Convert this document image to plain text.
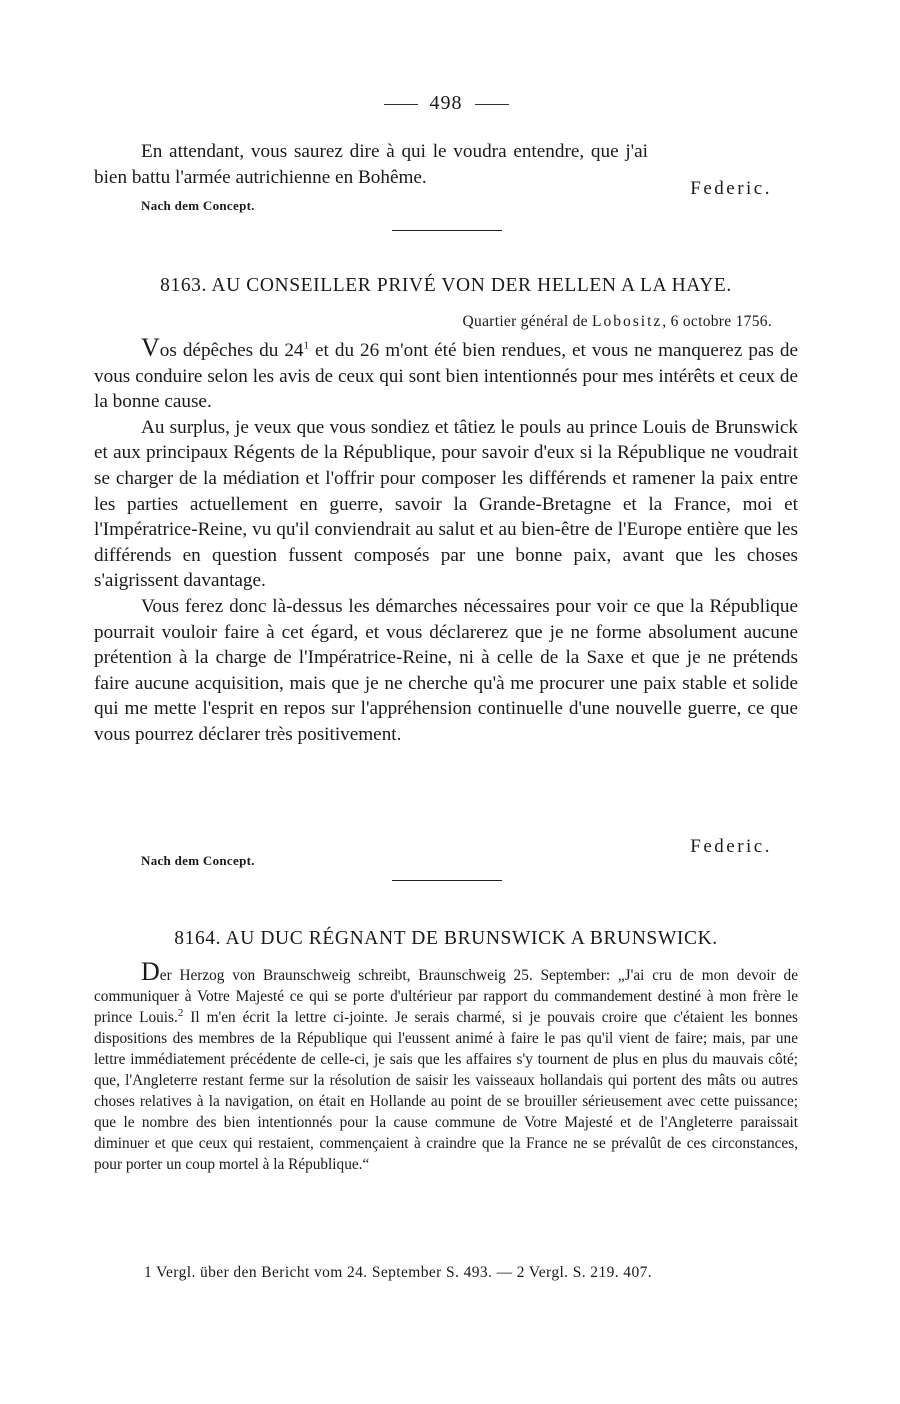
498

En attendant, vous saurez dire à qui le voudra entendre, que j'ai bien battu l'armée autrichienne en Bohême.

Federic.
Nach dem Concept.
8163. AU CONSEILLER PRIVÉ VON DER HELLEN A LA HAYE.
Quartier général de Lobositz, 6 octobre 1756.

Vos dépêches du $24^1$ et du 26 m'ont été bien rendues, et vous ne manquerez pas de vous conduire selon les avis de ceux qui sont bien intentionnés pour mes intérêts et ceux de la bonne cause.

Au surplus, je veux que vous sondiez et tâtiez le pouls au prince Louis de Brunswick et aux principaux Régents de la République, pour savoir d'eux si la République ne voudrait se charger de la médiation et l'offrir pour composer les différends et ramener la paix entre les parties actuellement en guerre, savoir la Grande-Bretagne et la France, moi et l'Impératrice-Reine, vu qu'il conviendrait au salut et au bien-être de l'Europe entière que les différends en question fussent composés par une bonne paix, avant que les choses s'aigrissent davantage.

Vous ferez donc là-dessus les démarches nécessaires pour voir ce que la République pourrait vouloir faire à cet égard, et vous déclarerez que je ne forme absolument aucune prétention à la charge de l'Impératrice-Reine, ni à celle de la Saxe et que je ne prétends faire aucune acquisition, mais que je ne cherche qu'à me procurer une paix stable et solide qui me mette l'esprit en repos sur l'appréhension continuelle d'une nouvelle guerre, ce que vous pourrez déclarer très positivement.

Federic.
Nach dem Concept.
8164. AU DUC RÉGNANT DE BRUNSWICK A BRUNSWICK.

Der Herzog von Braunschweig schreibt, Braunschweig 25. September: „J'ai cru de mon devoir de communiquer à Votre Majesté ce qui se porte d'ultérieur par rapport du commandement destiné à mon frère le prince Louis.$^2$ Il m'en écrit la lettre ci-jointe. Je serais charmé, si je pouvais croire que c'étaient les bonnes dispositions des membres de la République qui l'eussent animé à faire le pas qu'il vient de faire; mais, par une lettre immédiatement précédente de celle-ci, je sais que les affaires s'y tournent de plus en plus du mauvais côté; que, l'Angleterre restant ferme sur la résolution de saisir les vaisseaux hollandais qui portent des mâts ou autres choses relatives à la navigation, on était en Hollande au point de se brouiller sérieusement avec cette puissance; que le nombre des bien intentionnés pour la cause commune de Votre Majesté et de l'Angleterre paraissait diminuer et que ceux qui restaient, commençaient à craindre que la France ne se prévalût de ces circonstances, pour porter un coup mortel à la République.“

1 Vergl. über den Bericht vom 24. September S. 493. — 2 Vergl. S. 219. 407.
